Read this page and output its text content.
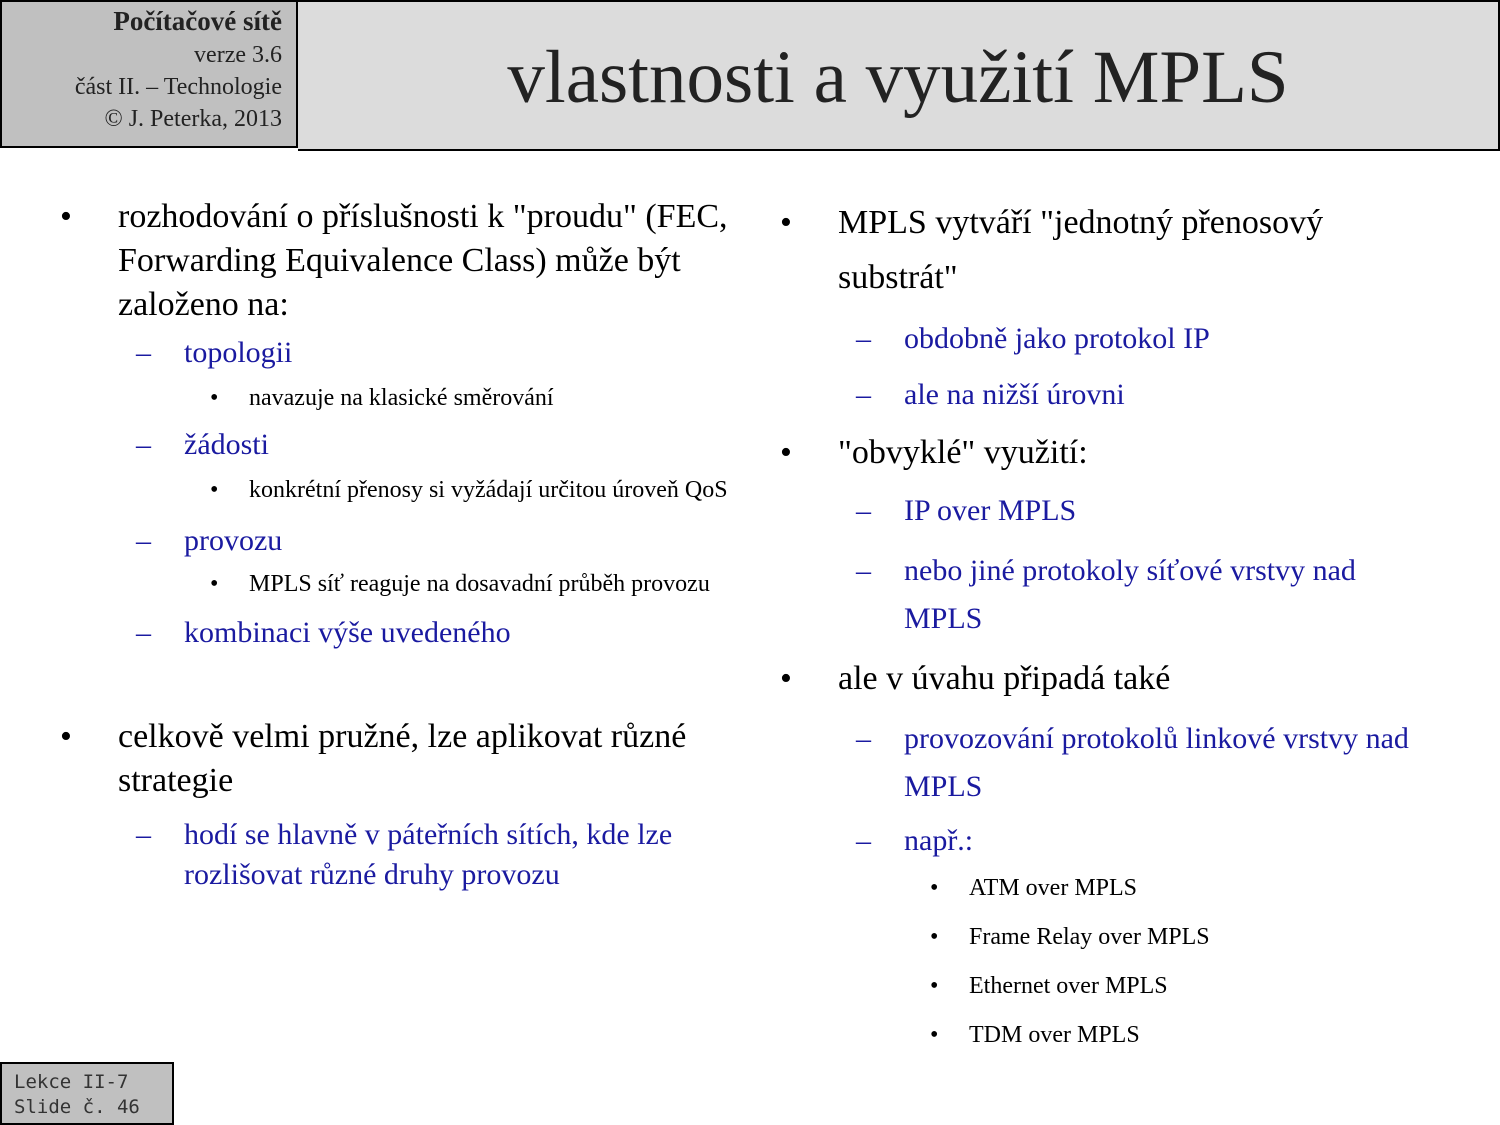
Počítačové sítě
verze 3.6
část II. – Technologie
© J. Peterka, 2013	vlastnosti a využití MPLS
• rozhodování o příslušnosti k "proudu" (FEC, Forwarding Equivalence Class) může být založeno na:
– topologii
• navazuje na klasické směrování
– žádosti
• konkrétní přenosy si vyžádají určitou úroveň QoS
– provozu
• MPLS síť reaguje na dosavadní průběh provozu
– kombinaci výše uvedeného
• celkově velmi pružné, lze aplikovat různé strategie
– hodí se hlavně v páteřních sítích, kde lze rozlišovat různé druhy provozu
• MPLS vytváří "jednotný přenosový substrát"
– obdobně jako protokol IP
– ale na nižší úrovni
• "obvyklé" využití:
– IP over MPLS
– nebo jiné protokoly síťové vrstvy nad MPLS
• ale v úvahu připadá také
– provozování protokolů linkové vrstvy nad MPLS
– např.:
• ATM over MPLS
• Frame Relay over MPLS
• Ethernet over MPLS
• TDM over MPLS
Lekce II-7
Slide č. 46
